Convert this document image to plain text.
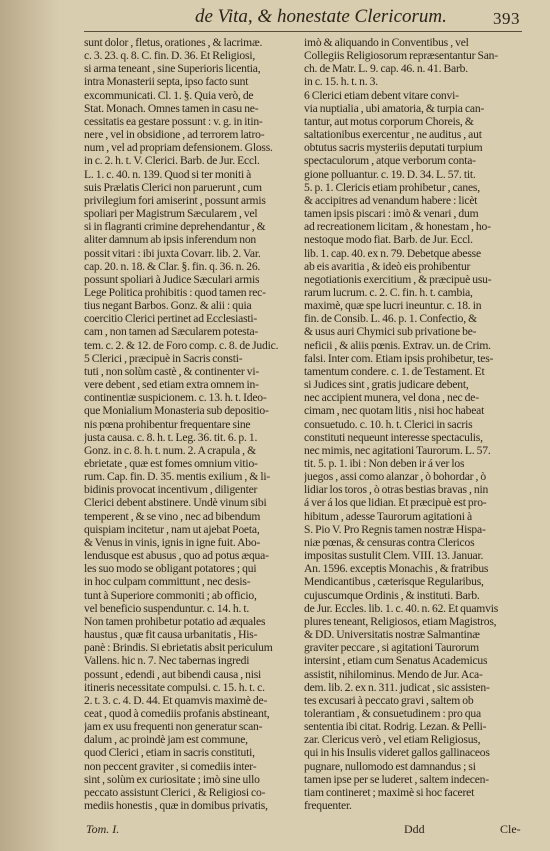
de Vita, & honestate Clericorum.	393
sunt dolor , fletus, orationes , & lacrimæ.
c. 3. 23. q. 8. C. fin. D. 36. Et Religiosi,
si arma teneant , sine Superioris licentia,
intra Monasterii septa, ipso facto sunt
excommunicati. Cl. 1. §. Quia verò, de
Stat. Monach. Omnes tamen in casu ne-
cessitatis ea gestare possunt : v. g. in itin-
nere , vel in obsidione , ad terrorem latro-
num , vel ad propriam defensionem. Gloss.
in c. 2. h. t. V. Clerici. Barb. de Jur. Eccl.
L. 1. c. 40. n. 139. Quod si ter moniti à
suis Prælatis Clerici non paruerunt , cum
privilegium fori amiserint , possunt armis
spoliari per Magistrum Sæcularem , vel
si in flagranti crimine deprehendantur , &
aliter damnum ab ipsis inferendum non
possit vitari : ibi juxta Covarr. lib. 2. Var.
cap. 20. n. 18. & Clar. §. fin. q. 36. n. 26.
possunt spoliari à Judice Sæculari armis
Lege Politica prohibitis : quod tamen rec-
tius negant Barbos. Gonz. & alii : quia
coercitio Clerici pertinet ad Ecclesiasti-
cam , non tamen ad Sæcularem potesta-
tem. c. 2. & 12. de Foro comp. c. 8. de Judic.
5 Clerici , præcipuè in Sacris consti-
tuti , non solùm castè , & continenter vi-
vere debent , sed etiam extra omnem in-
continentiæ suspicionem. c. 13. h. t. Ideo-
que Monialium Monasteria sub depositio-
nis pœna prohibentur frequentare sine
justa causa. c. 8. h. t. Leg. 36. tit. 6. p. 1.
Gonz. in c. 8. h. t. num. 2. A crapula , &
ebrietate , quæ est fomes omnium vitio-
rum. Cap. fin. D. 35. mentis exilium , & li-
bidinis provocat incentivum , diligenter
Clerici debent abstinere. Undè vinum sibi
temperent , & se vino , nec ad bibendum
quispiam incitetur , nam ut ajebat Poeta,
& Venus in vinis, ignis in igne fuit. Abo-
lendusque est abusus , quo ad potus æqua-
les suo modo se obligant potatores ; qui
in hoc culpam committunt , nec desis-
tunt à Superiore commoniti ; ab officio,
vel beneficio suspenduntur. c. 14. h. t.
Non tamen prohibetur potatio ad æquales
haustus , quæ fit causa urbanitatis , His-
panè : Brindis. Si ebrietatis absit periculum
Vallens. hic n. 7. Nec tabernas ingredi
possunt , edendi , aut bibendi causa , nisi
itineris necessitate compulsi. c. 15. h. t. c.
2. t. 3. c. 4. D. 44. Et quamvis maximè de-
ceat , quod à comediis profanis abstineant,
jam ex usu frequenti non generatur scan-
dalum , ac proindè jam est commune,
quod Clerici , etiam in sacris constituti,
non peccent graviter , si comediis inter-
sint , solùm ex curiositate ; imò sine ullo
peccato assistunt Clerici , & Religiosi co-
mediis honestis , quæ in domibus privatis,
imò & aliquando in Conventibus , vel
Collegiis Religiosorum repræsentantur San-
ch. de Matr. L. 9. cap. 46. n. 41. Barb.
in c. 15. h. t. n. 3.
6 Clerici etiam debent vitare convi-
via nuptialia , ubi amatoria, & turpia can-
tantur, aut motus corporum Choreis, &
saltationibus exercentur , ne auditus , aut
obtutus sacris mysteriis deputati turpium
spectaculorum , atque verborum conta-
gione polluantur. c. 19. D. 34. L. 57. tit.
5. p. 1. Clericis etiam prohibetur , canes,
& accipitres ad venandum habere : licèt
tamen ipsis piscari : imò & venari , dum
ad recreationem licitam , & honestam , ho-
nestoque modo fiat. Barb. de Jur. Eccl.
lib. 1. cap. 40. ex n. 79. Debetque abesse
ab eis avaritia , & ideò eis prohibentur
negotiationis exercitium , & præcipuè usu-
rarum lucrum. c. 2. C. fin. h. t. cambia,
maximè, quæ spe lucri ineuntur. c. 18. in
fin. de Consib. L. 46. p. 1. Confectio, &
& usus auri Chymici sub privatione be-
neficii , & aliis pœnis. Extrav. un. de Crim.
falsi. Inter com. Etiam ipsis prohibetur, tes-
tamentum condere. c. 1. de Testament. Et
si Judices sint , gratis judicare debent,
nec accipient munera, vel dona , nec de-
cimam , nec quotam litis , nisi hoc habeat
consuetudo. c. 10. h. t. Clerici in sacris
constituti nequeunt interesse spectaculis,
nec mimis, nec agitationi Taurorum. L. 57.
tit. 5. p. 1. ibi : Non deben ir á ver los
juegos , assi como alanzar , ò bohordar , ò
lidiar los toros , ò otras bestias bravas , nin
á ver á los que lidian. Et præcipuè est pro-
hibitum , adesse Taurorum agitationi à
S. Pio V. Pro Regnis tamen nostræ Hispa-
niæ pœnas, & censuras contra Clericos
impositas sustulit Clem. VIII. 13. Januar.
An. 1596. exceptis Monachis , & fratribus
Mendicantibus , cæterisque Regularibus,
cujuscumque Ordinis , & instituti. Barb.
de Jur. Eccles. lib. 1. c. 40. n. 62. Et quamvis
plures teneant, Religiosos, etiam Magistros,
& DD. Universitatis nostræ Salmantinæ
graviter peccare , si agitationi Taurorum
intersint , etiam cum Senatus Academicus
assistit, nihilominus. Mendo de Jur. Aca-
dem. lib. 2. ex n. 311. judicat , sic assisten-
tes excusari à peccato gravi , saltem ob
tolerantiam , & consuetudinem : pro qua
sententia ibi citat. Rodrig. Lezan. & Pelli-
zar. Clericus verò , vel etiam Religiosus,
qui in his Insulis videret gallos gallinaceos
pugnare, nullomodo est damnandus ; si
tamen ipse per se luderet , saltem indecen-
tiam contineret ; maximè si hoc faceret
frequenter.
Tom. I.	Ddd	Cle-
